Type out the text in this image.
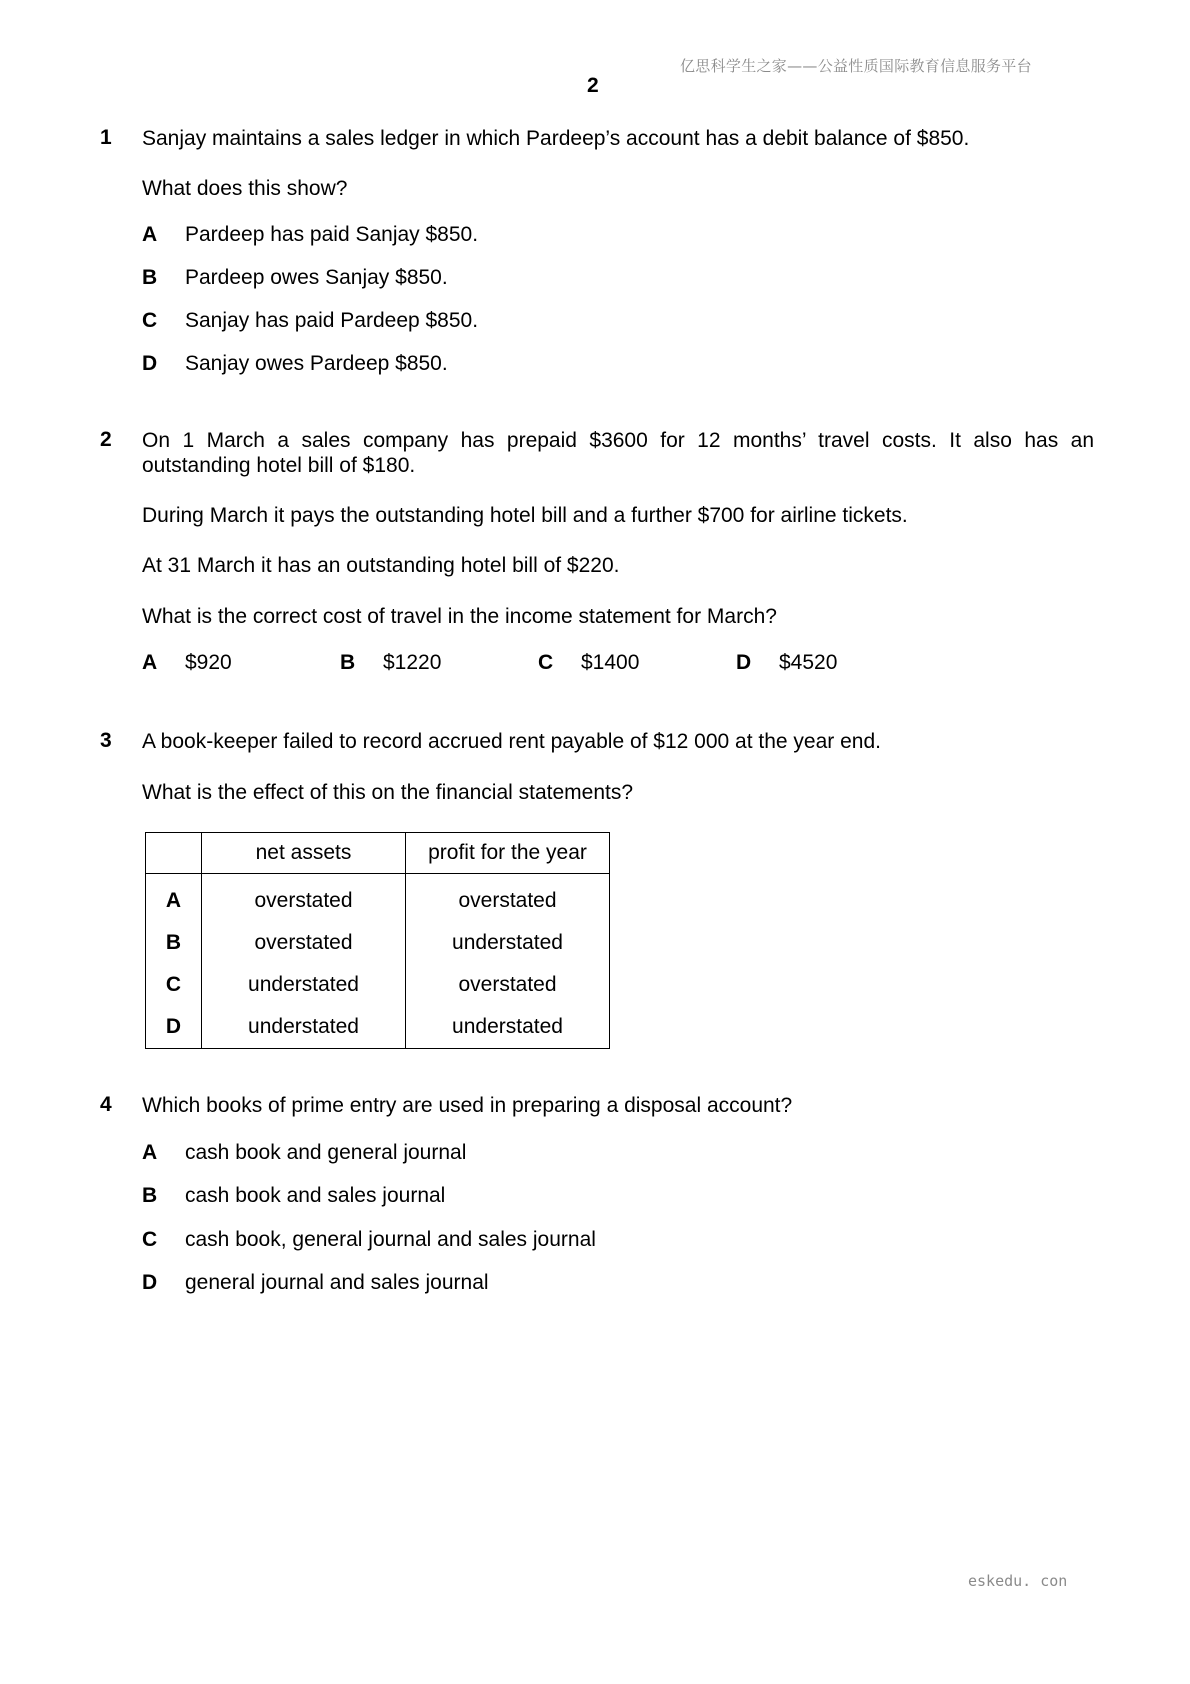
亿思科学生之家——公益性质国际教育信息服务平台
2
1 Sanjay maintains a sales ledger in which Pardeep’s account has a debit balance of $850.
What does this show?
A Pardeep has paid Sanjay $850.
B Pardeep owes Sanjay $850.
C Sanjay has paid Pardeep $850.
D Sanjay owes Pardeep $850.
2 On 1 March a sales company has prepaid $3600 for 12 months’ travel costs. It also has an outstanding hotel bill of $180.
During March it pays the outstanding hotel bill and a further $700 for airline tickets.
At 31 March it has an outstanding hotel bill of $220.
What is the correct cost of travel in the income statement for March?
A $920	B $1220	C $1400	D $4520
3 A book-keeper failed to record accrued rent payable of $12 000 at the year end.
What is the effect of this on the financial statements?
	net assets	profit for the year
A	overstated	overstated
B	overstated	understated
C	understated	overstated
D	understated	understated
4 Which books of prime entry are used in preparing a disposal account?
A cash book and general journal
B cash book and sales journal
C cash book, general journal and sales journal
D general journal and sales journal
eskedu. con
